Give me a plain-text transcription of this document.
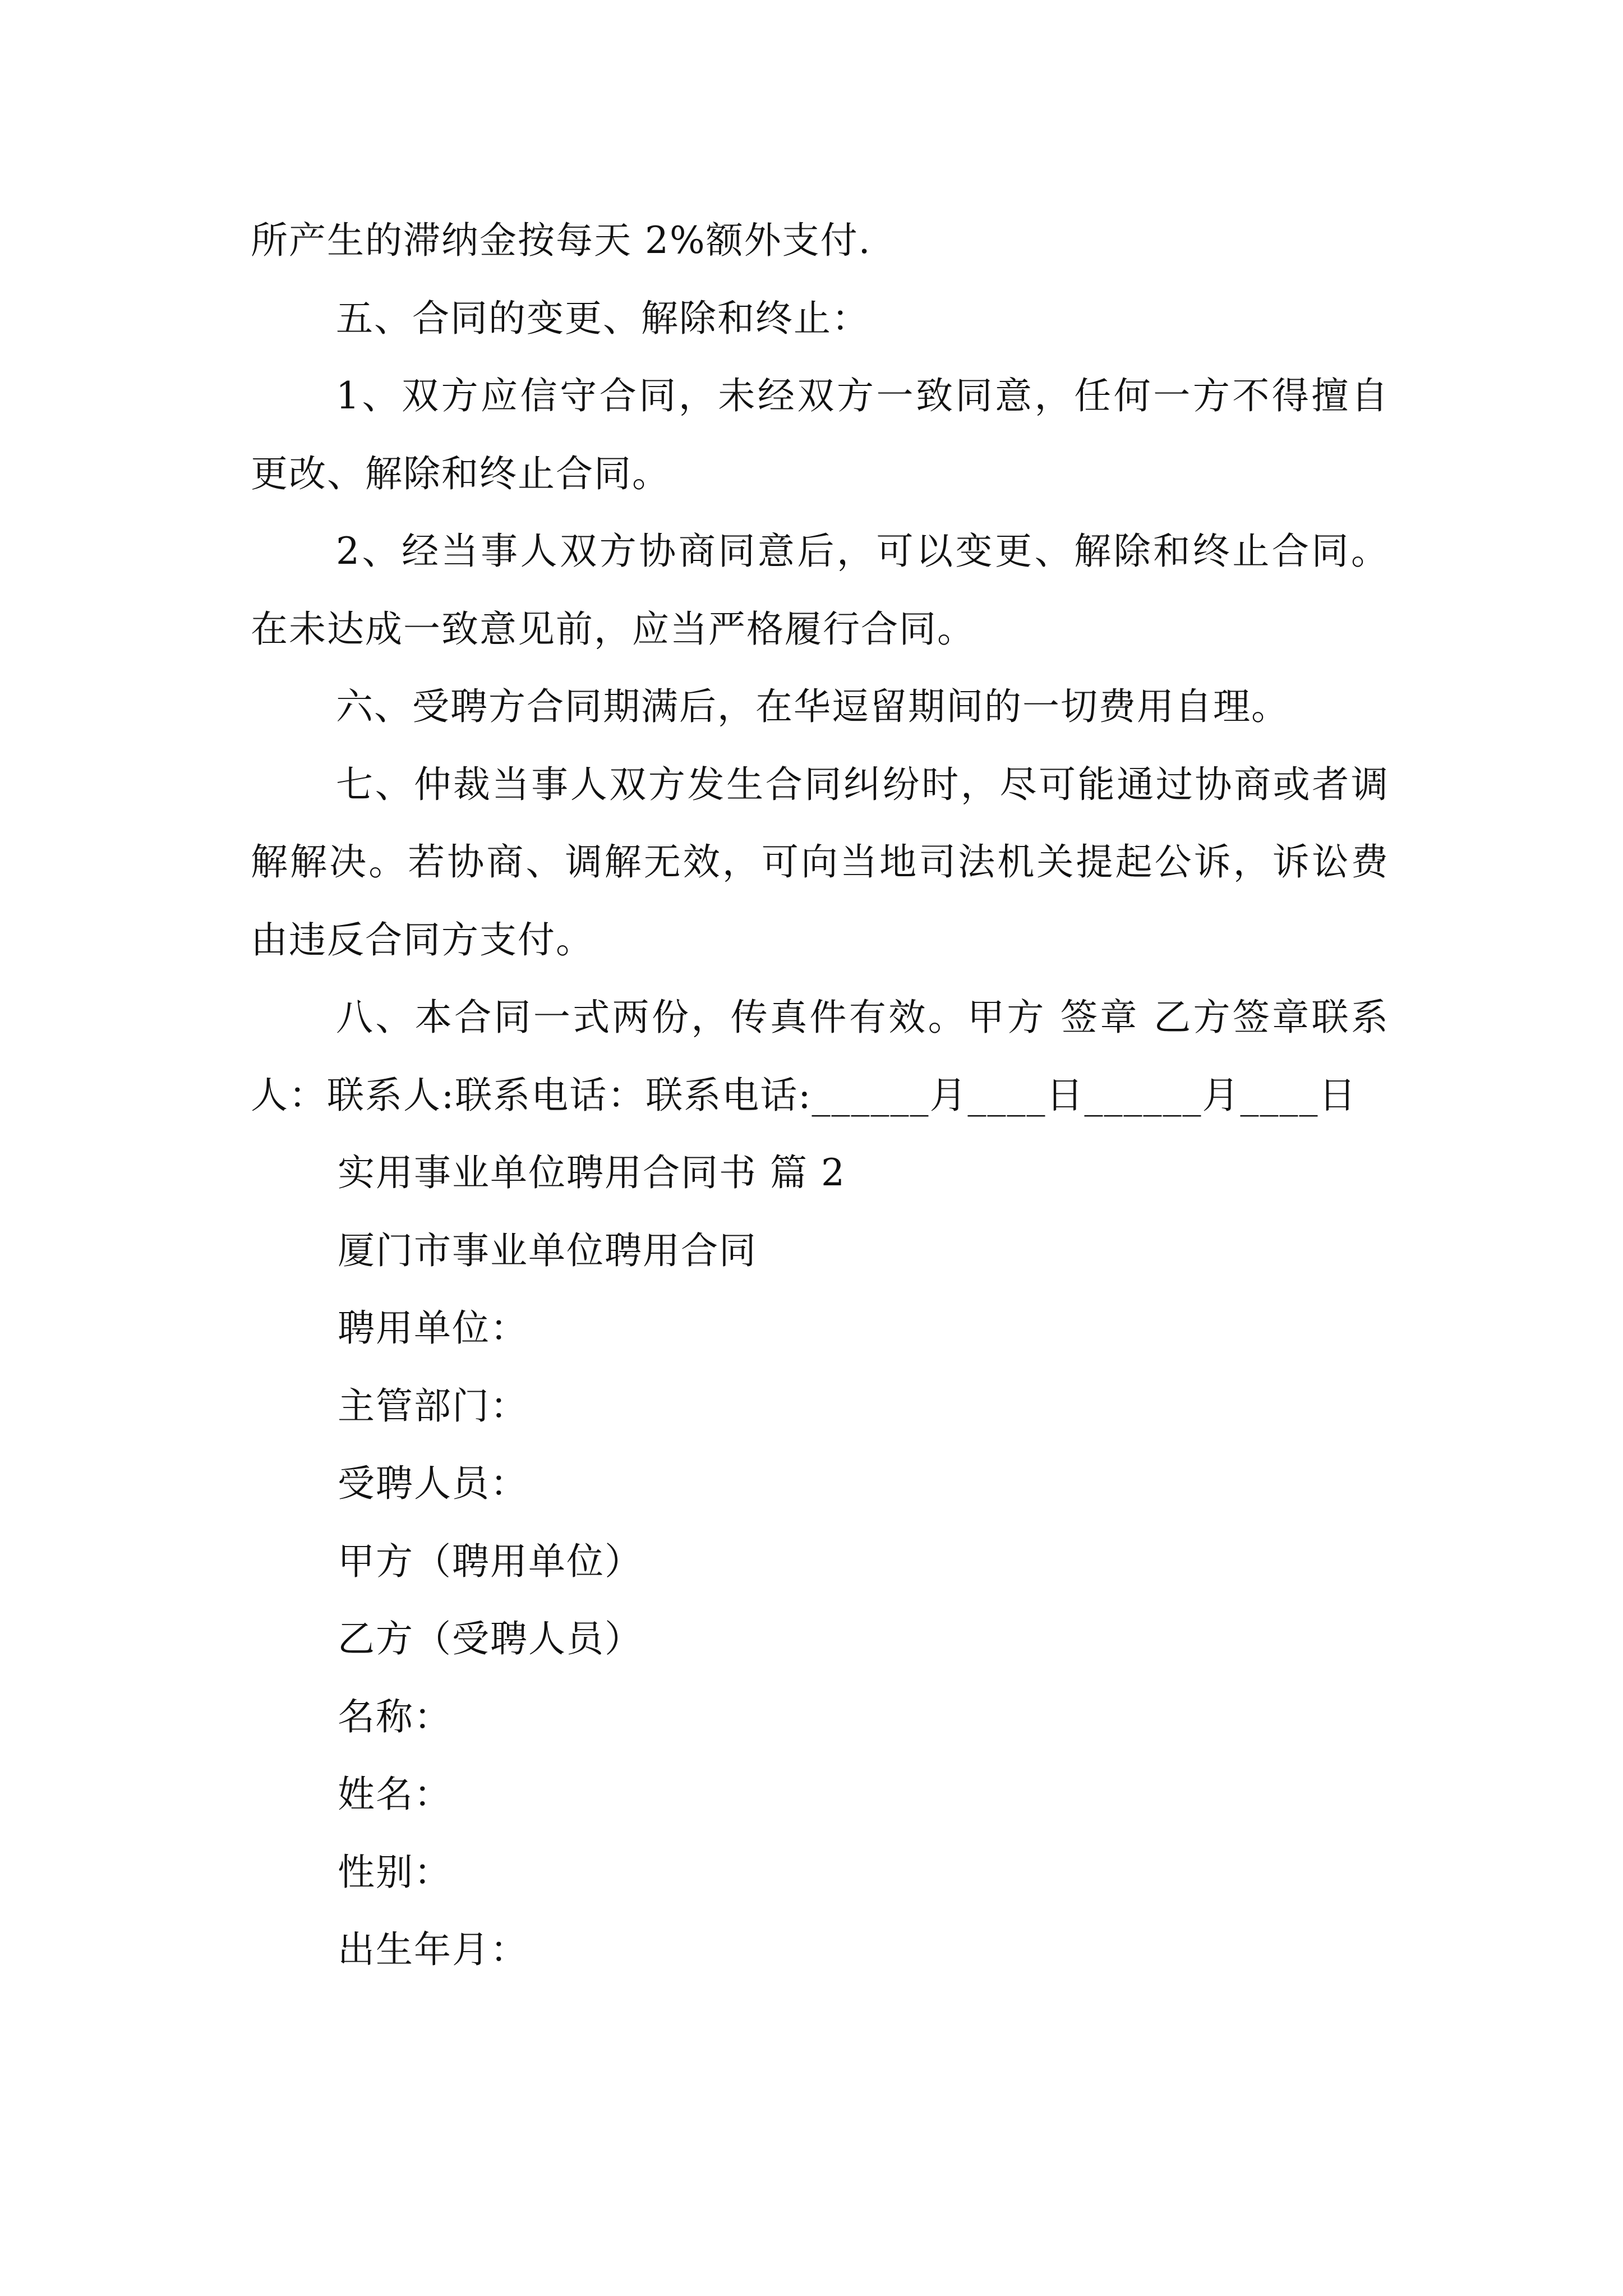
所产生的滞纳金按每天 2%额外支付.

五、合同的变更、解除和终止：

1、双方应信守合同，未经双方一致同意，任何一方不得擅自更改、解除和终止合同。

2、经当事人双方协商同意后，可以变更、解除和终止合同。在未达成一致意见前，应当严格履行合同。

六、受聘方合同期满后，在华逗留期间的一切费用自理。

七、仲裁当事人双方发生合同纠纷时，尽可能通过协商或者调解解决。若协商、调解无效，可向当地司法机关提起公诉，诉讼费由违反合同方支付。

八、本合同一式两份，传真件有效。甲方 签章 乙方签章联系人：联系人:联系电话：联系电话:______月____日______月____日

实用事业单位聘用合同书 篇 2

厦门市事业单位聘用合同

聘用单位：

主管部门：

受聘人员：

甲方（聘用单位）

乙方（受聘人员）

名称：

姓名：

性别：

出生年月：
